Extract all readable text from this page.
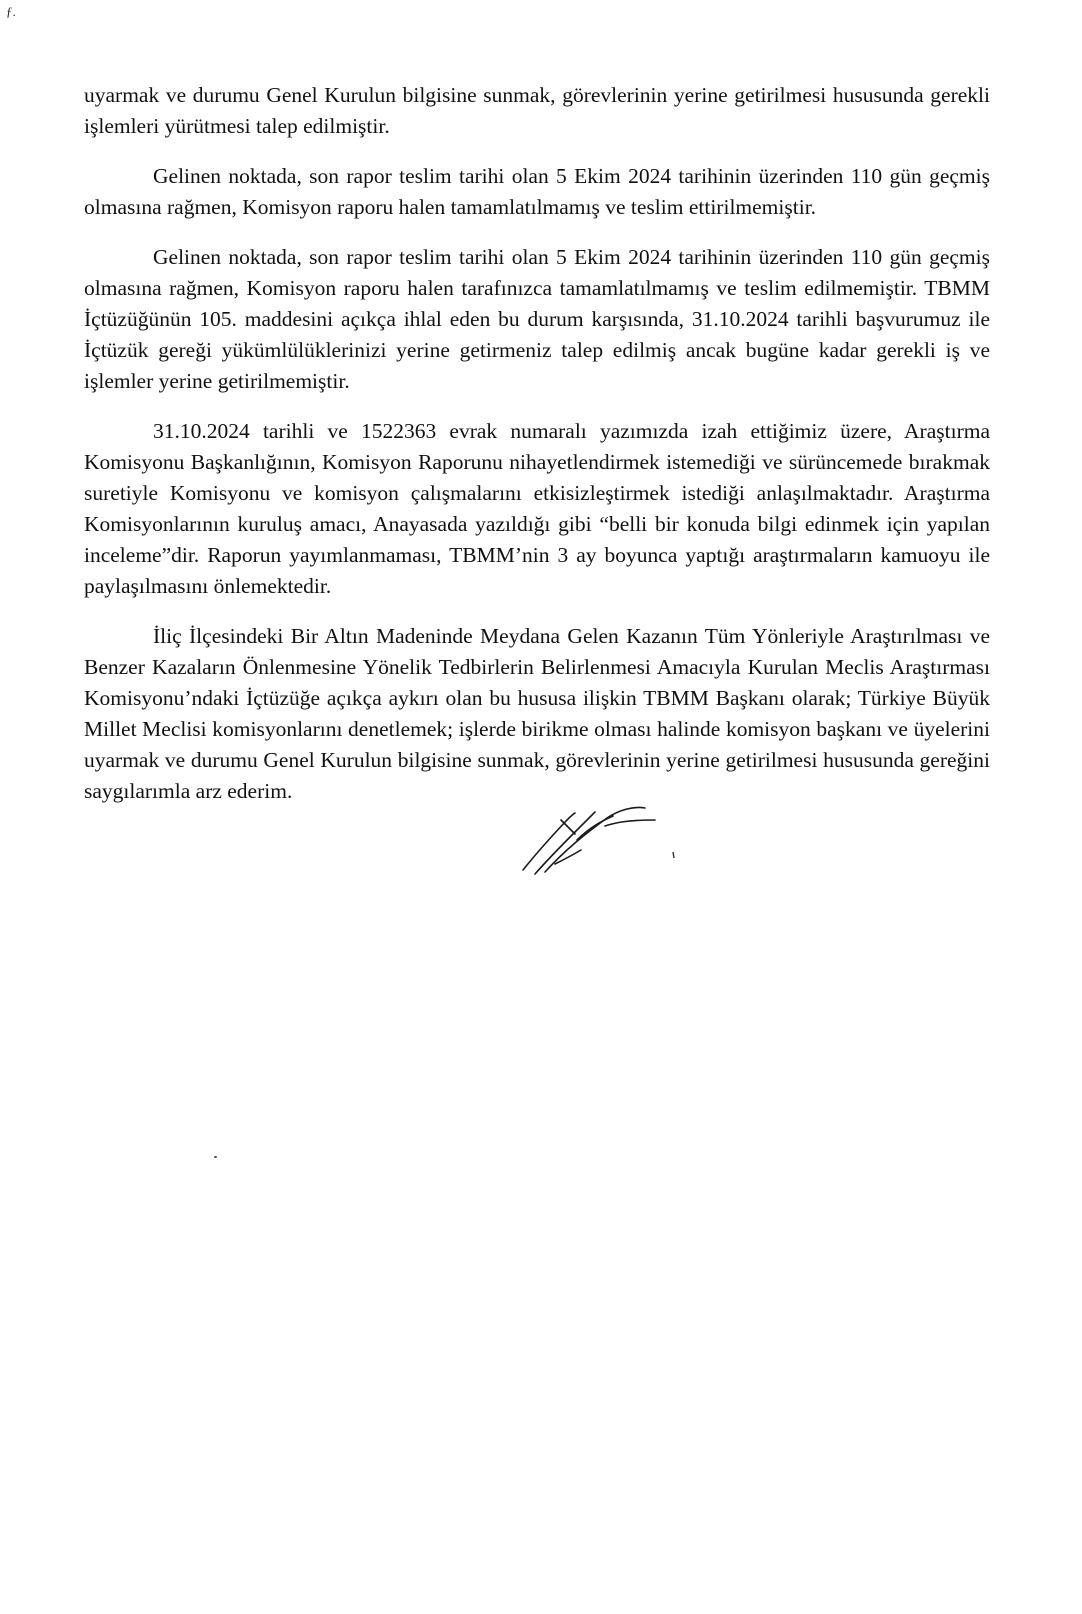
ƒ.

uyarmak ve durumu Genel Kurulun bilgisine sunmak, görevlerinin yerine getirilmesi hususunda gerekli işlemleri yürütmesi talep edilmiştir.

Gelinen noktada, son rapor teslim tarihi olan 5 Ekim 2024 tarihinin üzerinden 110 gün geçmiş olmasına rağmen, Komisyon raporu halen tamamlatılmamış ve teslim ettirilmemiştir.

Gelinen noktada, son rapor teslim tarihi olan 5 Ekim 2024 tarihinin üzerinden 110 gün geçmiş olmasına rağmen, Komisyon raporu halen tarafınızca tamamlatılmamış ve teslim edilmemiştir. TBMM İçtüzüğünün 105. maddesini açıkça ihlal eden bu durum karşısında, 31.10.2024 tarihli başvurumuz ile İçtüzük gereği yükümlülüklerinizi yerine getirmeniz talep edilmiş ancak bugüne kadar gerekli iş ve işlemler yerine getirilmemiştir.

31.10.2024 tarihli ve 1522363 evrak numaralı yazımızda izah ettiğimiz üzere, Araştırma Komisyonu Başkanlığının, Komisyon Raporunu nihayetlendirmek istemediği ve sürüncemede bırakmak suretiyle Komisyonu ve komisyon çalışmalarını etkisizleştirmek istediği anlaşılmaktadır. Araştırma Komisyonlarının kuruluş amacı, Anayasada yazıldığı gibi “belli bir konuda bilgi edinmek için yapılan inceleme”dir. Raporun yayımlanmaması, TBMM’nin 3 ay boyunca yaptığı araştırmaların kamuoyu ile paylaşılmasını önlemektedir.

İliç İlçesindeki Bir Altın Madeninde Meydana Gelen Kazanın Tüm Yönleriyle Araştırılması ve Benzer Kazaların Önlenmesine Yönelik Tedbirlerin Belirlenmesi Amacıyla Kurulan Meclis Araştırması Komisyonu’ndaki İçtüzüğe açıkça aykırı olan bu hususa ilişkin TBMM Başkanı olarak; Türkiye Büyük Millet Meclisi komisyonlarını denetlemek; işlerde birikme olması halinde komisyon başkanı ve üyelerini uyarmak ve durumu Genel Kurulun bilgisine sunmak, görevlerinin yerine getirilmesi hususunda gereğini saygılarımla arz ederim.
